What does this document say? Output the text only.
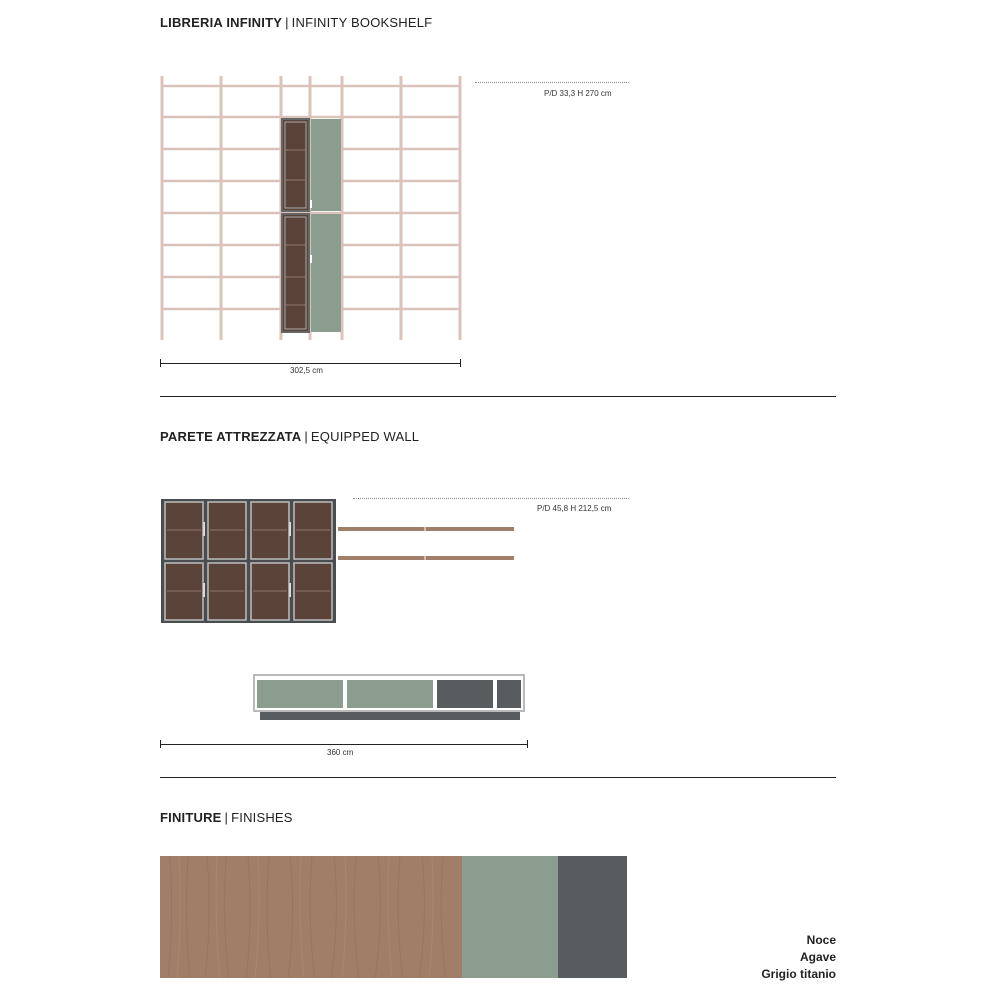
LIBRERIA INFINITY | INFINITY BOOKSHELF
P/D 33,3 H 270 cm
302,5 cm
PARETE ATTREZZATA | EQUIPPED WALL
P/D 45,8 H 212,5 cm
360 cm
FINITURE | FINISHES
Noce
Agave
Grigio titanio
